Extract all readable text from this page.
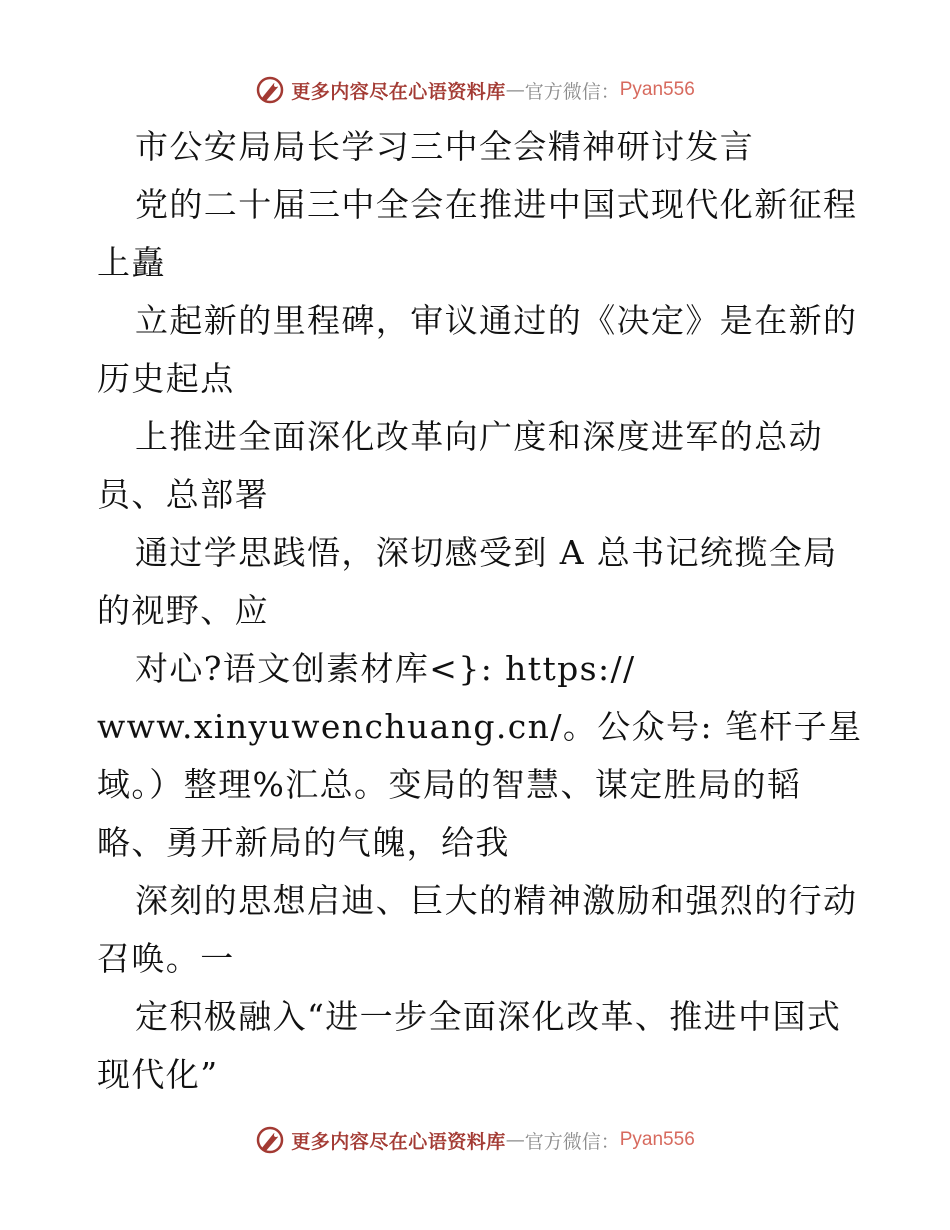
更多内容尽在心语资料库 — 官方微信： Pyan556
市公安局局长学习三中全会精神研讨发言
党的二十届三中全会在推进中国式现代化新征程
上矗
立起新的里程碑，审议通过的《决定》是在新的
历史起点
上推进全面深化改革向广度和深度进军的总动
员、总部署
通过学思践悟，深切感受到 A 总书记统揽全局
的视野、应
对心?语文创素材库<}: https://
www.xinyuwenchuang.cn/。公众号: 笔杆子星
域。）整理%汇总。变局的智慧、谋定胜局的韬
略、勇开新局的气魄，给我
深刻的思想启迪、巨大的精神激励和强烈的行动
召唤。一
定积极融入“进一步全面深化改革、推进中国式
现代化”
更多内容尽在心语资料库 — 官方微信： Pyan556
